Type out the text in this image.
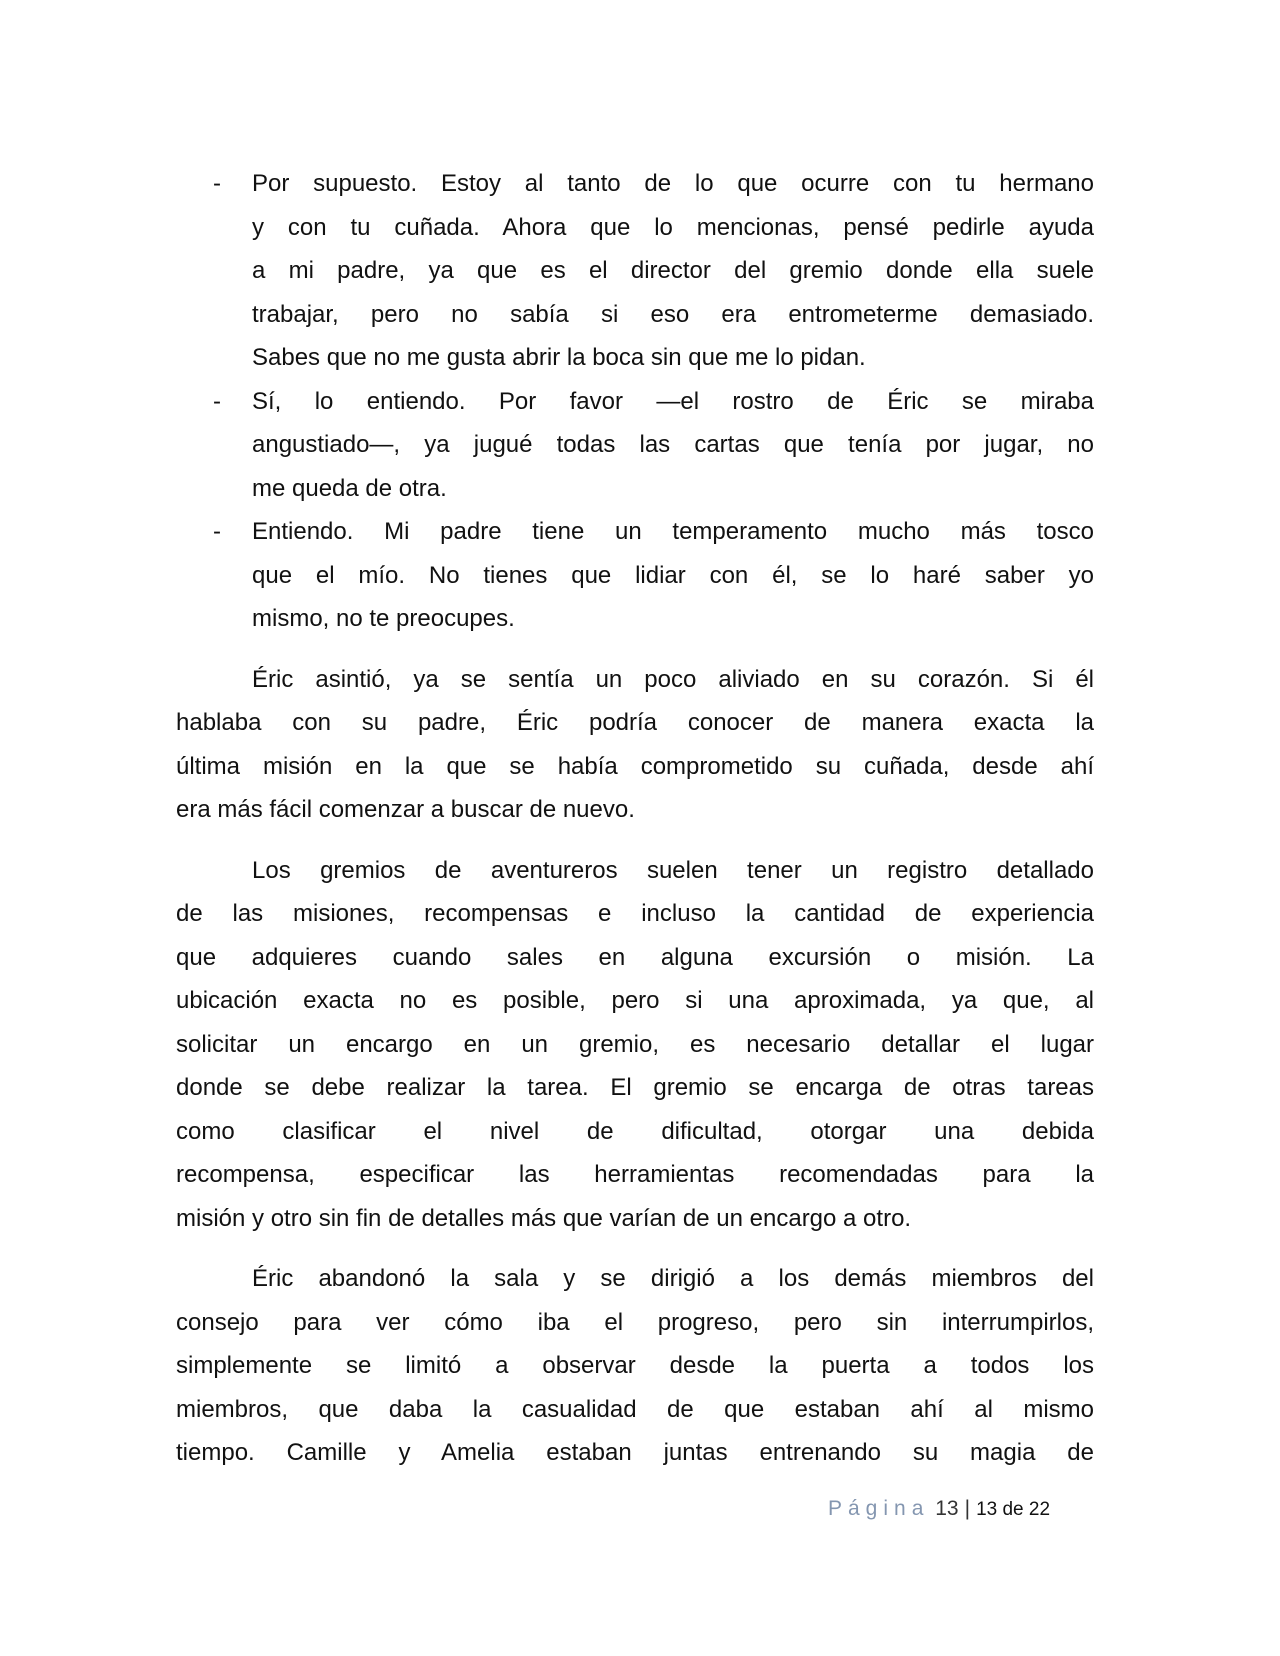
- Por supuesto. Estoy al tanto de lo que ocurre con tu hermano
y con tu cuñada. Ahora que lo mencionas, pensé pedirle ayuda
a mi padre, ya que es el director del gremio donde ella suele
trabajar, pero no sabía si eso era entrometerme demasiado.
Sabes que no me gusta abrir la boca sin que me lo pidan.
- Sí, lo entiendo. Por favor —el rostro de Éric se miraba
angustiado—, ya jugué todas las cartas que tenía por jugar, no
me queda de otra.
- Entiendo. Mi padre tiene un temperamento mucho más tosco
que el mío. No tienes que lidiar con él, se lo haré saber yo
mismo, no te preocupes.
Éric asintió, ya se sentía un poco aliviado en su corazón. Si él
hablaba con su padre, Éric podría conocer de manera exacta la
última misión en la que se había comprometido su cuñada, desde ahí
era más fácil comenzar a buscar de nuevo.
Los gremios de aventureros suelen tener un registro detallado
de las misiones, recompensas e incluso la cantidad de experiencia
que adquieres cuando sales en alguna excursión o misión. La
ubicación exacta no es posible, pero si una aproximada, ya que, al
solicitar un encargo en un gremio, es necesario detallar el lugar
donde se debe realizar la tarea. El gremio se encarga de otras tareas
como clasificar el nivel de dificultad, otorgar una debida
recompensa, especificar las herramientas recomendadas para la
misión y otro sin fin de detalles más que varían de un encargo a otro.
Éric abandonó la sala y se dirigió a los demás miembros del
consejo para ver cómo iba el progreso, pero sin interrumpirlos,
simplemente se limitó a observar desde la puerta a todos los
miembros, que daba la casualidad de que estaban ahí al mismo
tiempo. Camille y Amelia estaban juntas entrenando su magia de
Página 13 | 13 de 22
